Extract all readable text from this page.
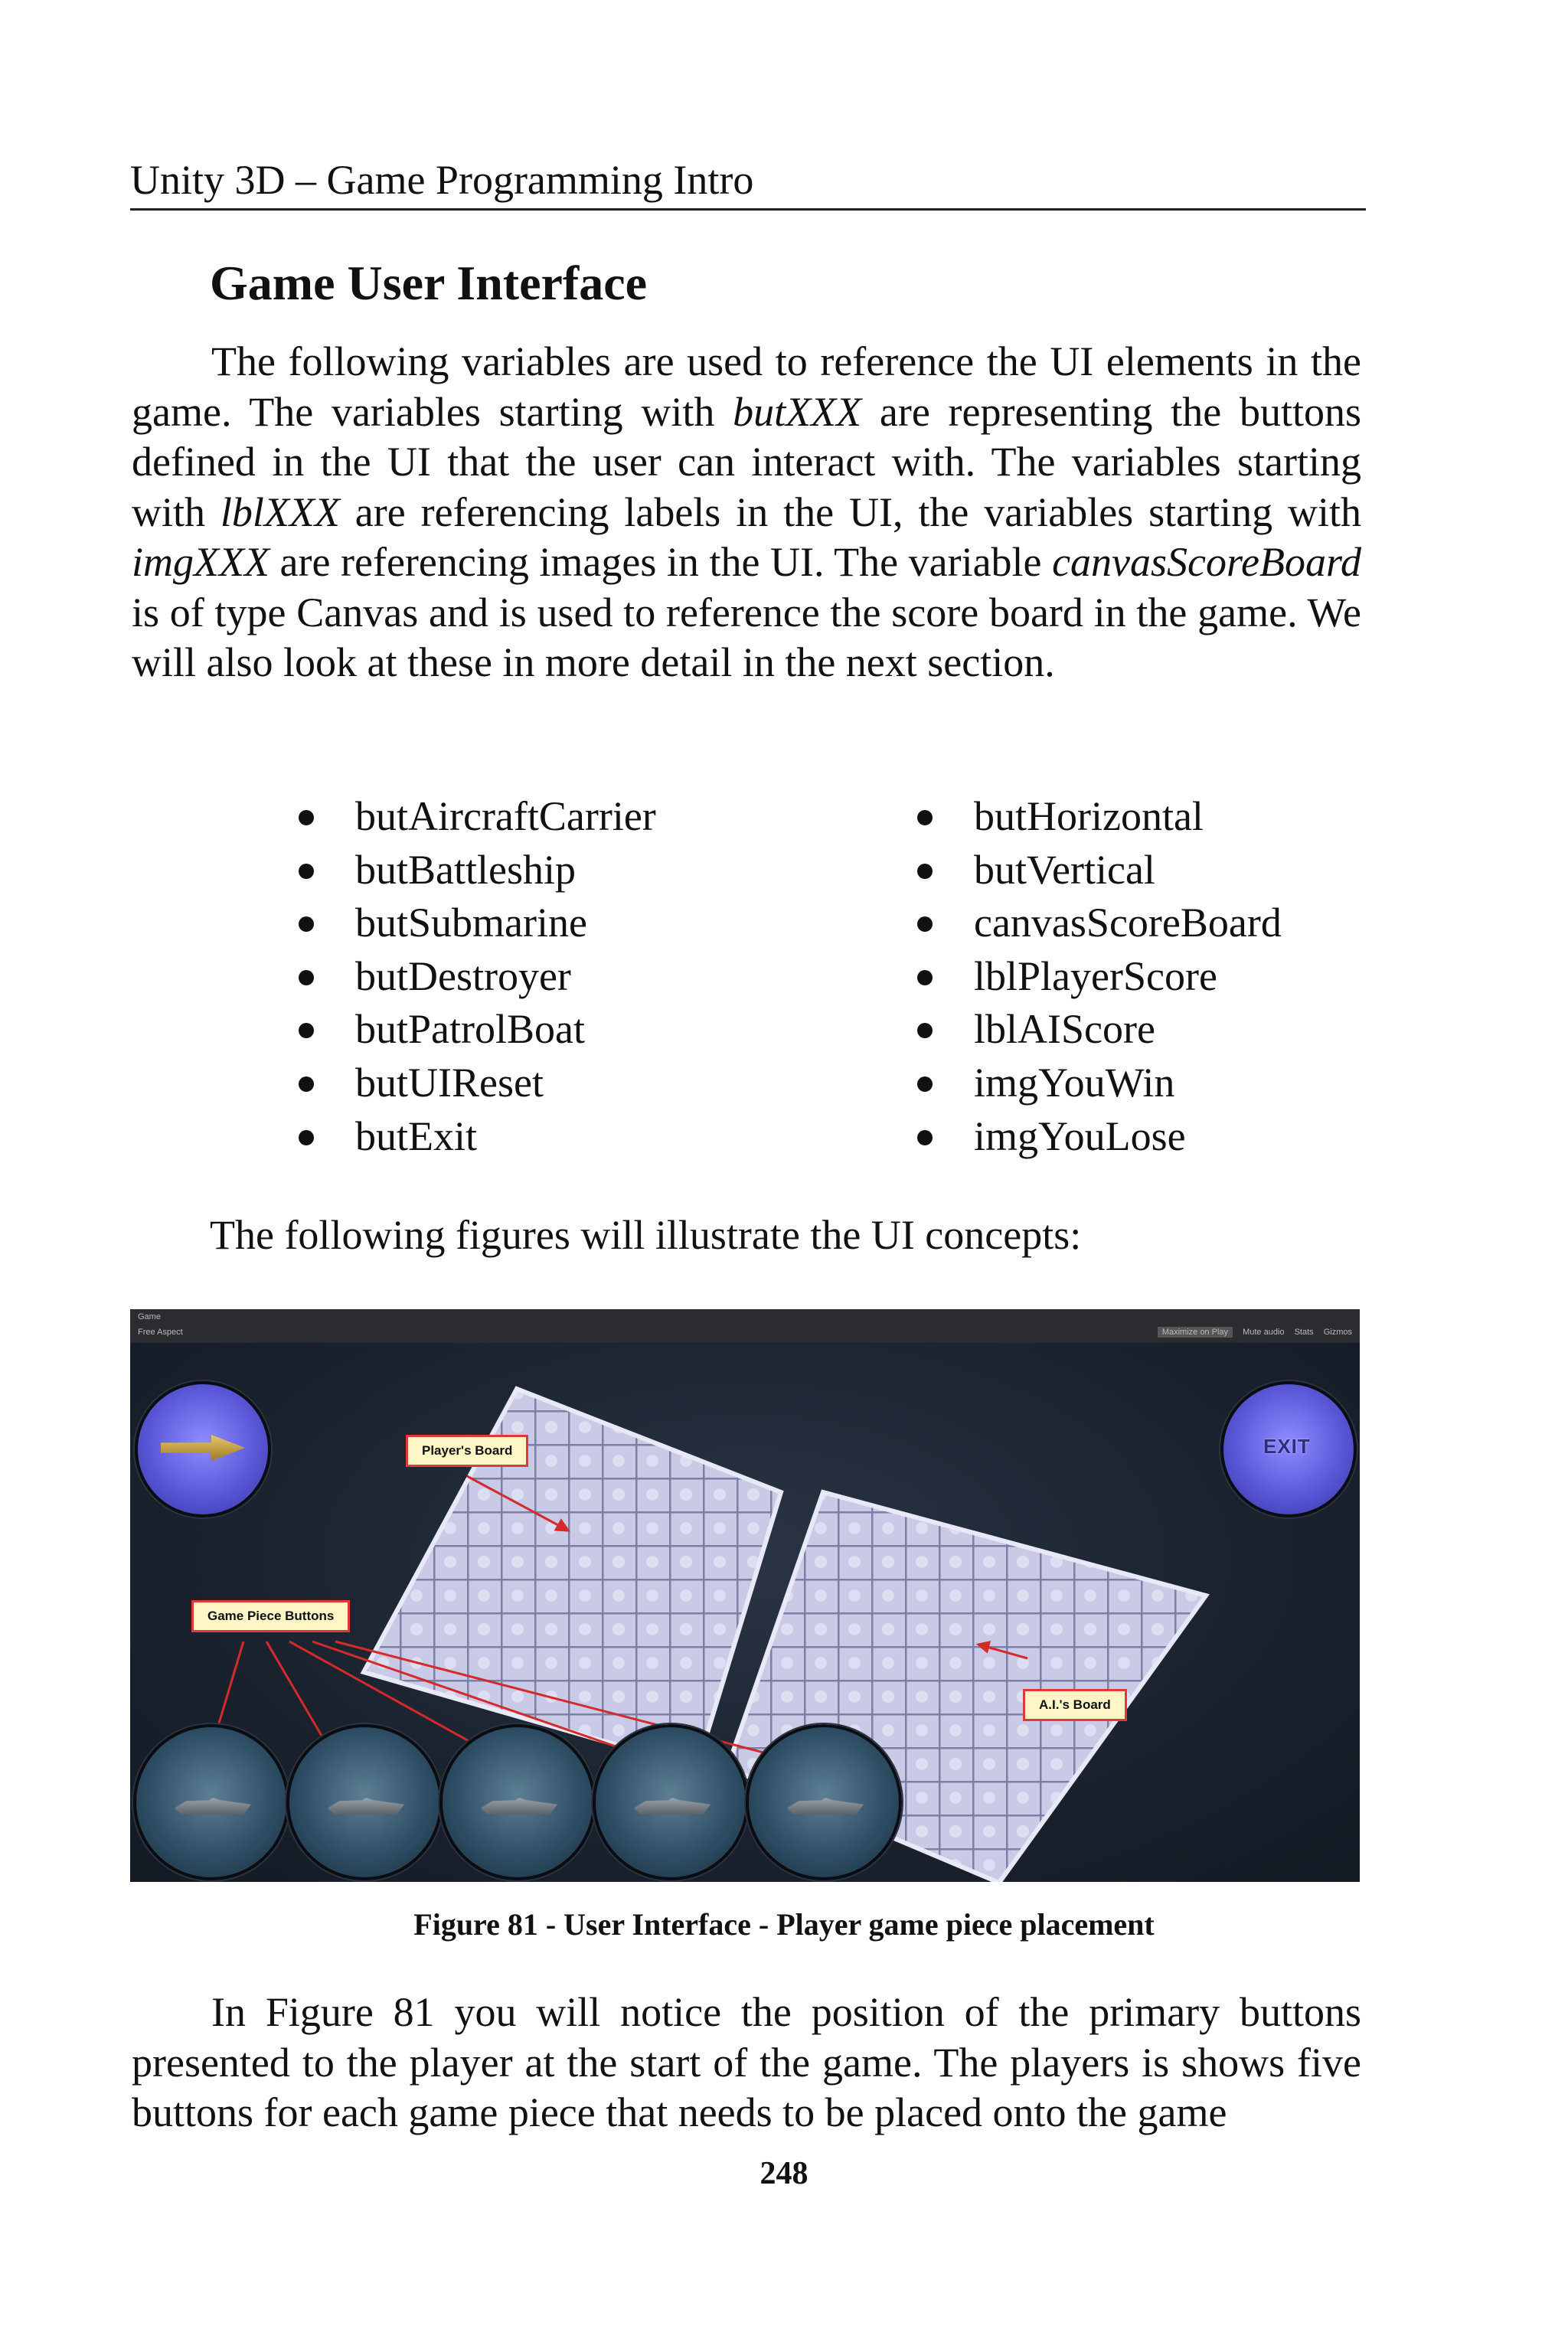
Unity 3D – Game Programming Intro
Game User Interface

The following variables are used to reference the UI elements in the game. The variables starting with butXXX are representing the buttons defined in the UI that the user can interact with. The variables starting with lblXXX are referencing labels in the UI, the variables starting with imgXXX are referencing images in the UI. The variable canvasScoreBoard is of type Canvas and is used to reference the score board in the game. We will also look at these in more detail in the next section.

butAircraftCarrier
butBattleship
butSubmarine
butDestroyer
butPatrolBoat
butUIReset
butExit
butHorizontal
butVertical
canvasScoreBoard
lblPlayerScore
lblAIScore
imgYouWin
imgYouLose
The following figures will illustrate the UI concepts:
Game
Free Aspect	Maximize on Play Mute audio Stats Gizmos
EXIT
Player's Board
Game Piece Buttons
A.I.'s Board
Figure 81 - User Interface - Player game piece placement

In Figure 81 you will notice the position of the primary buttons presented to the player at the start of the game. The players is shows five buttons for each game piece that needs to be placed onto the game

248
